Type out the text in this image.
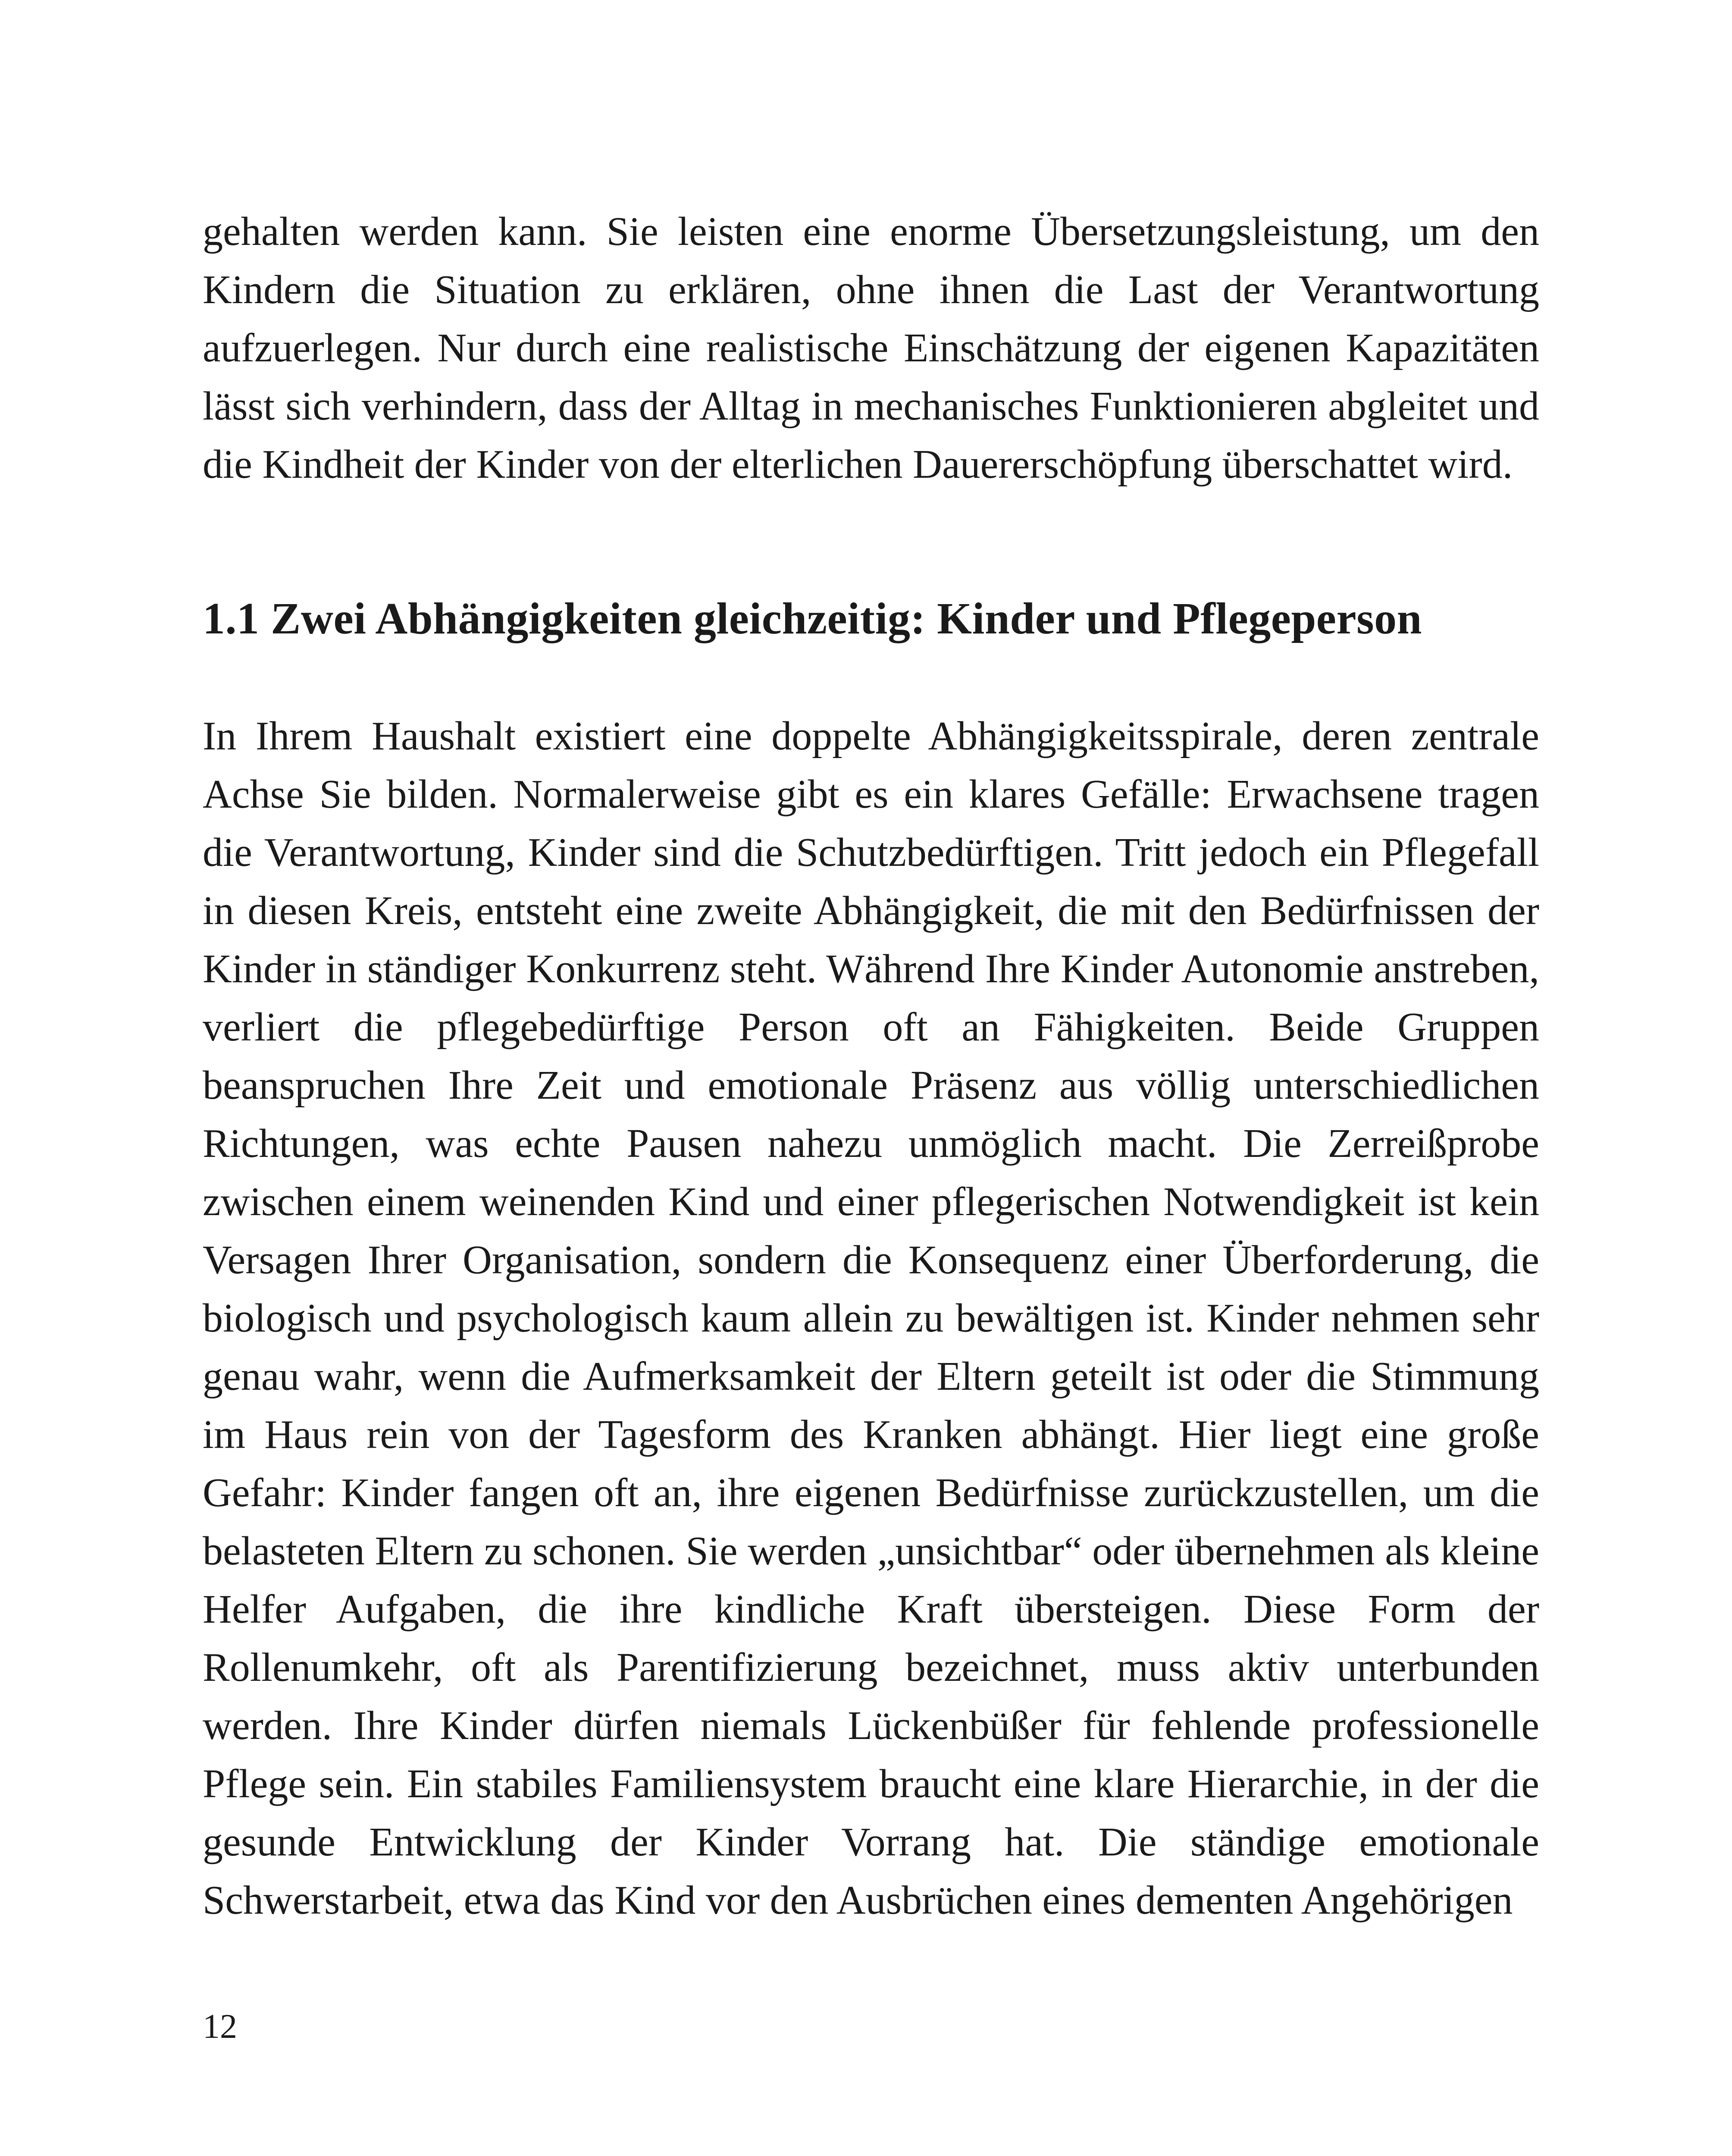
gehalten werden kann. Sie leisten eine enorme Übersetzungsleistung, um den Kindern die Situation zu erklären, ohne ihnen die Last der Verantwortung aufzuerlegen. Nur durch eine realistische Einschätzung der eigenen Kapazitäten lässt sich verhindern, dass der Alltag in mechanisches Funktionieren abgleitet und die Kindheit der Kinder von der elterlichen Dauererschöpfung überschattet wird.

1.1 Zwei Abhängigkeiten gleichzeitig: Kinder und Pflegeperson

In Ihrem Haushalt existiert eine doppelte Abhängigkeitsspirale, deren zentrale Achse Sie bilden. Normalerweise gibt es ein klares Gefälle: Erwachsene tragen die Verantwortung, Kinder sind die Schutzbedürftigen. Tritt jedoch ein Pflegefall in diesen Kreis, entsteht eine zweite Abhängigkeit, die mit den Bedürfnissen der Kinder in ständiger Konkurrenz steht. Während Ihre Kinder Autonomie anstreben, verliert die pflegebedürftige Person oft an Fähigkeiten. Beide Gruppen beanspruchen Ihre Zeit und emotionale Präsenz aus völlig unterschiedlichen Richtungen, was echte Pausen nahezu unmöglich macht. Die Zerreißprobe zwischen einem weinenden Kind und einer pflegerischen Notwendigkeit ist kein Versagen Ihrer Organisation, sondern die Konsequenz einer Überforderung, die biologisch und psychologisch kaum allein zu bewältigen ist. Kinder nehmen sehr genau wahr, wenn die Aufmerksamkeit der Eltern geteilt ist oder die Stimmung im Haus rein von der Tagesform des Kranken abhängt. Hier liegt eine große Gefahr: Kinder fangen oft an, ihre eigenen Bedürfnisse zurückzustellen, um die belasteten Eltern zu schonen. Sie werden „unsichtbar“ oder übernehmen als kleine Helfer Aufgaben, die ihre kindliche Kraft übersteigen. Diese Form der Rollenumkehr, oft als Parentifizierung bezeichnet, muss aktiv unterbunden werden. Ihre Kinder dürfen niemals Lückenbüßer für fehlende professionelle Pflege sein. Ein stabiles Familiensystem braucht eine klare Hierarchie, in der die gesunde Entwicklung der Kinder Vorrang hat. Die ständige emotionale Schwerstarbeit, etwa das Kind vor den Ausbrüchen eines dementen Angehörigen

12
